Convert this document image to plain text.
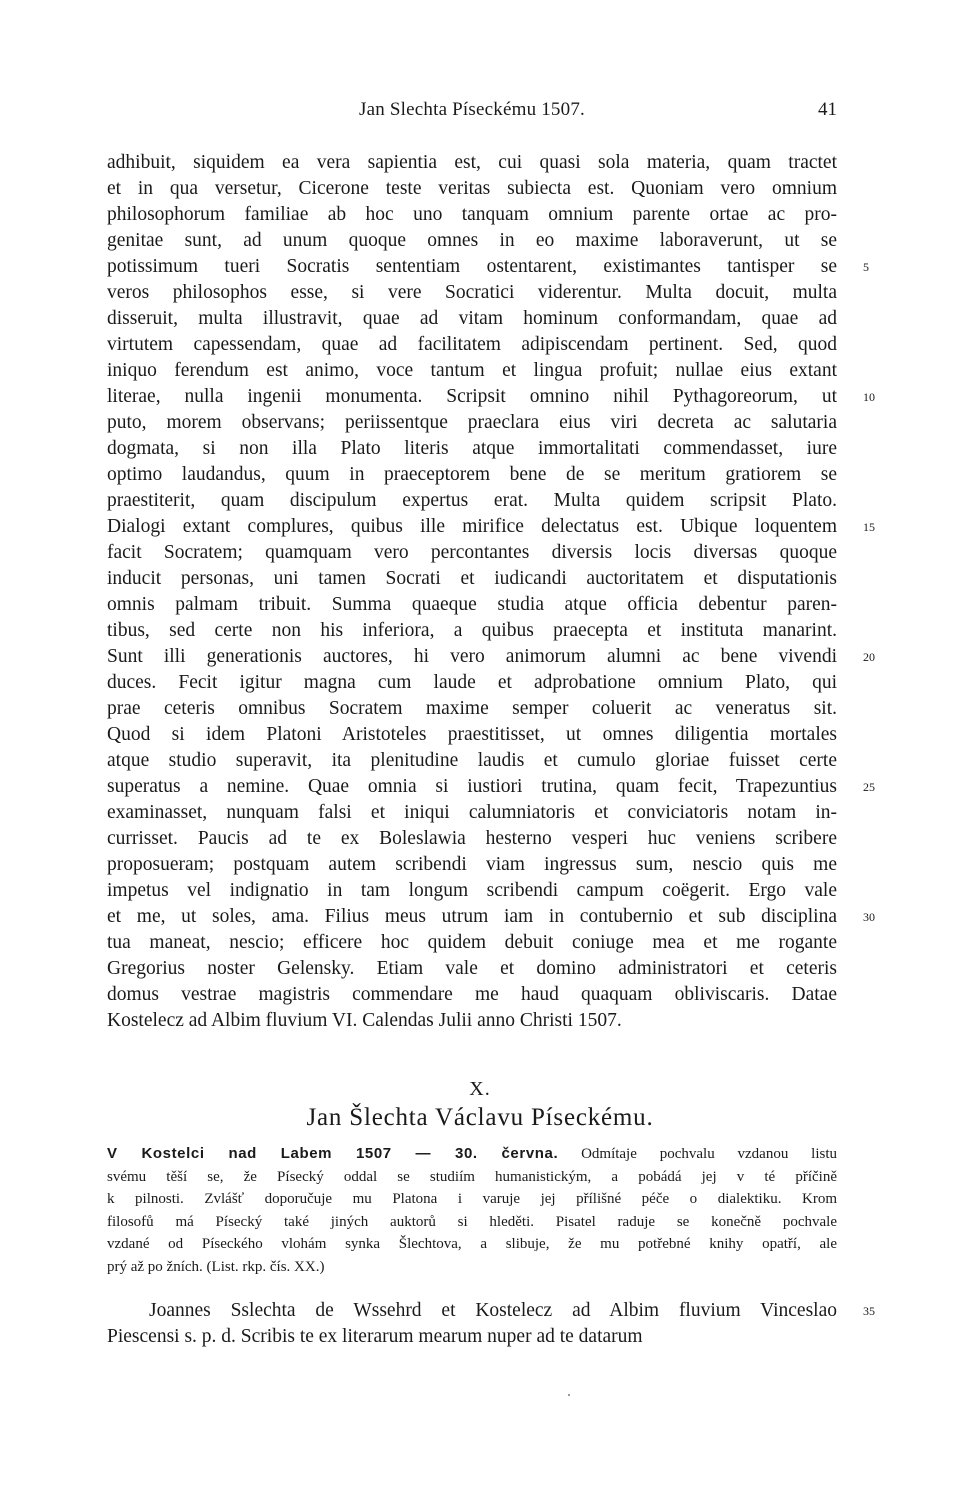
Jan Slechta Píseckému 1507.	41
adhibuit, siquidem ea vera sapientia est, cui quasi sola materia, quam tractet
et in qua versetur, Cicerone teste veritas subiecta est. Quoniam vero omnium
philosophorum familiae ab hoc uno tanquam omnium parente ortae ac pro-
genitae sunt, ad unum quoque omnes in eo maxime laboraverunt, ut se
potissimum tueri Socratis sententiam ostentarent, existimantes tantisper se 5
veros philosophos esse, si vere Socratici viderentur. Multa docuit, multa
disseruit, multa illustravit, quae ad vitam hominum conformandam, quae ad
virtutem capessendam, quae ad facilitatem adipiscendam pertinent. Sed, quod
iniquo ferendum est animo, voce tantum et lingua profuit; nullae eius extant
literae, nulla ingenii monumenta. Scripsit omnino nihil Pythagoreorum, ut 10
puto, morem observans; periissentque praeclara eius viri decreta ac salutaria
dogmata, si non illa Plato literis atque immortalitati commendasset, iure
optimo laudandus, quum in praeceptorem bene de se meritum gratiorem se
praestiterit, quam discipulum expertus erat. Multa quidem scripsit Plato.
Dialogi extant complures, quibus ille mirifice delectatus est. Ubique loquentem 15
facit Socratem; quamquam vero percontantes diversis locis diversas quoque
inducit personas, uni tamen Socrati et iudicandi auctoritatem et disputationis
omnis palmam tribuit. Summa quaeque studia atque officia debentur paren-
tibus, sed certe non his inferiora, a quibus praecepta et instituta manarint.
Sunt illi generationis auctores, hi vero animorum alumni ac bene vivendi 20
duces. Fecit igitur magna cum laude et adprobatione omnium Plato, qui
prae ceteris omnibus Socratem maxime semper coluerit ac veneratus sit.
Quod si idem Platoni Aristoteles praestitisset, ut omnes diligentia mortales
atque studio superavit, ita plenitudine laudis et cumulo gloriae fuisset certe
superatus a nemine. Quae omnia si iustiori trutina, quam fecit, Trapezuntius 25
examinasset, nunquam falsi et iniqui calumniatoris et conviciatoris notam in-
currisset. Paucis ad te ex Boleslawia hesterno vesperi huc veniens scribere
proposueram; postquam autem scribendi viam ingressus sum, nescio quis me
impetus vel indignatio in tam longum scribendi campum coëgerit. Ergo vale
et me, ut soles, ama. Filius meus utrum iam in contubernio et sub disciplina 30
tua maneat, nescio; efficere hoc quidem debuit coniuge mea et me rogante
Gregorius noster Gelensky. Etiam vale et domino administratori et ceteris
domus vestrae magistris commendare me haud quaquam obliviscaris. Datae
Kostelecz ad Albim fluvium VI. Calendas Julii anno Christi 1507.
X.
Jan Šlechta Václavu Píseckému.
V Kostelci nad Labem 1507 — 30. června. Odmítaje pochvalu vzdanou listu
svému těší se, že Písecký oddal se studiím humanistickým, a pobádá jej v té příčině
k pilnosti. Zvlášť doporučuje mu Platona i varuje jej přílišné péče o dialektiku. Krom
filosofů má Písecký také jiných auktorů si hleděti. Pisatel raduje se konečně pochvale
vzdané od Píseckého vlohám synka Šlechtova, a slibuje, že mu potřebné knihy opatří, ale
prý až po žních. (List. rkp. čís. XX.)
Joannes Sslechta de Wssehrd et Kostelecz ad Albim fluvium Vinceslao 35
Piescensi s. p. d. Scribis te ex literarum mearum nuper ad te datarum
